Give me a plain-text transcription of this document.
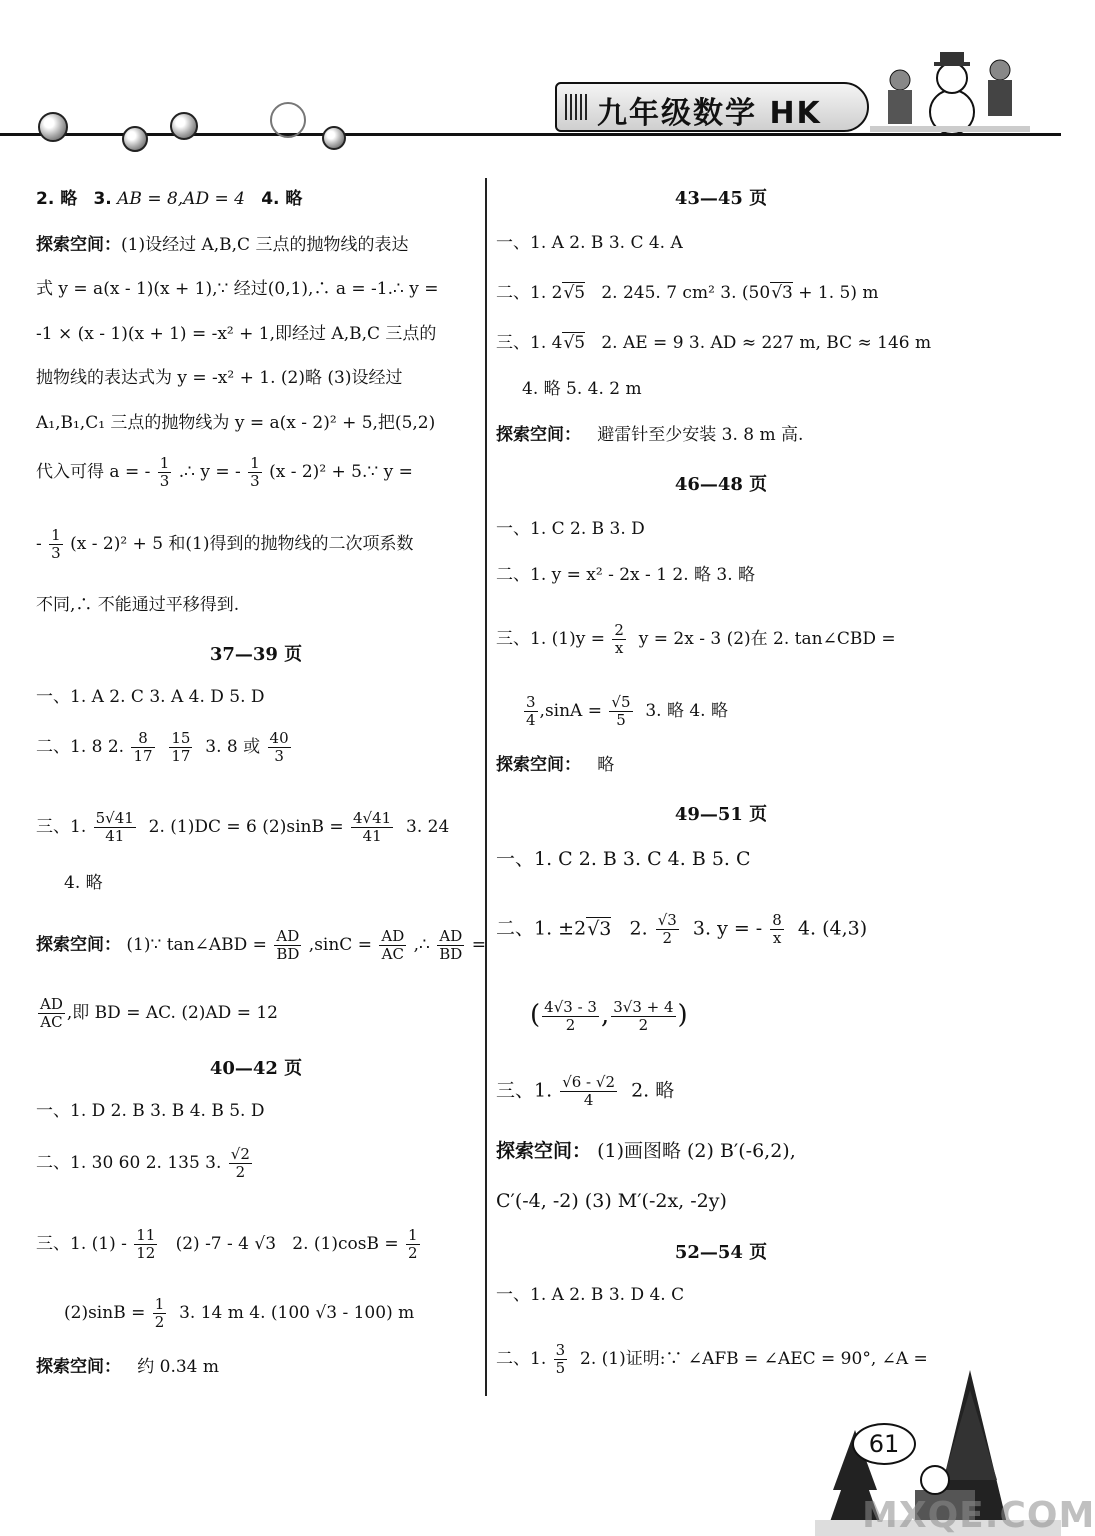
九年级数学 HK
2. 略 3. AB = 8,AD = 4 4. 略
探索空间：(1)设经过 A,B,C 三点的抛物线的表达
式 y = a(x - 1)(x + 1),∵ 经过(0,1),∴ a = -1.∴ y =
-1 × (x - 1)(x + 1) = -x² + 1,即经过 A,B,C 三点的
抛物线的表达式为 y = -x² + 1. (2)略 (3)设经过
A₁,B₁,C₁ 三点的抛物线为 y = a(x - 2)² + 5,把(5,2)
代入可得 a = - $\frac{1}{3}$ .∴ y = - $\frac{1}{3} (x - 2)^2$ + 5.∵ y =
- $\frac{1}{3} (x - 2)^2 + 5$ 和(1)得到的抛物线的二次项系数
不同,∴ 不能通过平移得到.
37—39 页
一、1. A 2. C 3. A 4. D 5. D
二、1. 8 2. $\frac{8}{17}$
$\frac{15}{17} 3$. 8 或 $\frac{40}{3}$
三、1. $\frac{5√41}{41} 2$. (1)DC = 6 $(2)\sin B = \frac{4√41}{41} 3$. 24
4. 略
探索空间： (1)∵ tan∠ABD = $\frac{AD}{BD} ,\sin C = \frac{AD}{AC}$ ,∴ $\frac{AD}{BD}$ =
$\frac{AD}{AC}$ ,即 BD = AC. (2)AD = 12
40—42 页
一、1. D 2. B 3. B 4. B 5. D
二、1. 30 60 2. 135 3. $\frac{√2}{2}$
三、1. $(1) - \frac{11}{12} (2)$ -7 - 4 √3 2. $(1)\cos B = \frac{1}{2}$
$(2)\sin B = \frac{1}{2} 3$. 14 m 4. (100 √3 - 100) m
探索空间： 约 0.34 m
43—45 页
一、1. A 2. B 3. C 4. A
二、1. 2√5 2. 245. 7 cm² 3. (50√3 + 1. 5) m
三、1. 4√5 2. AE = 9 3. AD ≈ 227 m, BC ≈ 146 m
4. 略 5. 4. 2 m
探索空间： 避雷针至少安装 3. 8 m 高.
46—48 页
一、1. C 2. B 3. D
二、1. y = x² - 2x - 1 2. 略 3. 略
三、1. $(1)y = \frac{2}{x}$ y = 2x - 3 (2)在 2. tan∠CBD =
$\frac{3}{4} ,\sin A = \frac{√5}{5} 3$. 略 4. 略
探索空间： 略
49—51 页
一、1. C 2. B 3. C 4. B 5. C
二、1. ±2√3 2. $\frac{√3}{2} 3$. y = - $\frac{8}{x} 4$. (4,3)
( $\frac{4√3 - 3}{2}$ , $\frac{3√3 + 4}{2}$ )
三、1. $\frac{√6 - √2}{4} 2$. 略
探索空间： (1)画图略 (2) B′(-6,2),
C′(-4, -2) (3) M′(-2x, -2y)
52—54 页
一、1. A 2. B 3. D 4. C
二、1. $\frac{3}{5} 2$. (1)证明:∵ ∠AFB = ∠AEC = 90°, ∠A =
61
MXQE.COM
